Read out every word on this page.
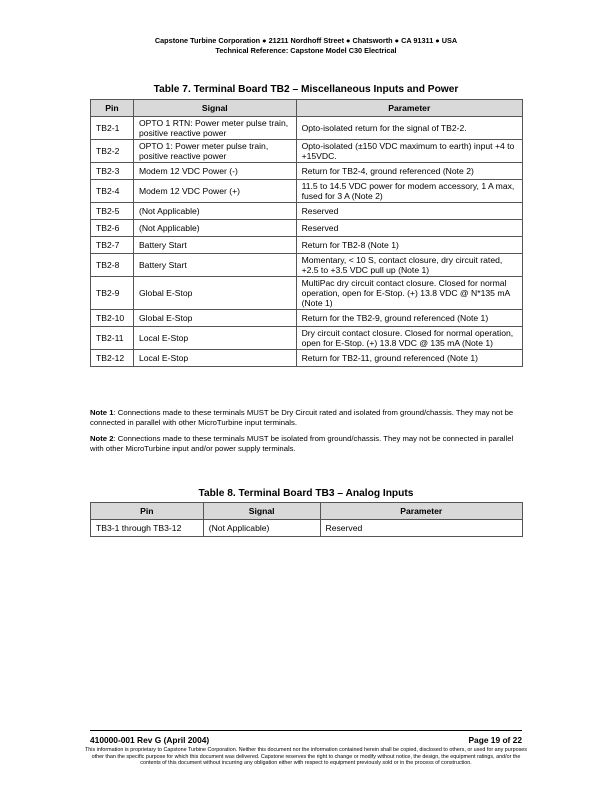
Capstone Turbine Corporation ● 21211 Nordhoff Street ● Chatsworth ● CA 91311 ● USA
Technical Reference: Capstone Model C30 Electrical
Table 7. Terminal Board TB2 – Miscellaneous Inputs and Power
Pin	Signal	Parameter
TB2-1	OPTO 1 RTN: Power meter pulse train, positive reactive power	Opto-isolated return for the signal of TB2-2.
TB2-2	OPTO 1: Power meter pulse train, positive reactive power	Opto-isolated (±150 VDC maximum to earth) input +4 to +15VDC.
TB2-3	Modem 12 VDC Power (-)	Return for TB2-4, ground referenced (Note 2)
TB2-4	Modem 12 VDC Power (+)	11.5 to 14.5 VDC power for modem accessory, 1 A max, fused for 3 A (Note 2)
TB2-5	(Not Applicable)	Reserved
TB2-6	(Not Applicable)	Reserved
TB2-7	Battery Start	Return for TB2-8 (Note 1)
TB2-8	Battery Start	Momentary, < 10 S, contact closure, dry circuit rated, +2.5 to +3.5 VDC pull up (Note 1)
TB2-9	Global E-Stop	MultiPac dry circuit contact closure. Closed for normal operation, open for E-Stop. (+) 13.8 VDC @ N*135 mA (Note 1)
TB2-10	Global E-Stop	Return for the TB2-9, ground referenced (Note 1)
TB2-11	Local E-Stop	Dry circuit contact closure. Closed for normal operation, open for E-Stop. (+) 13.8 VDC @ 135 mA (Note 1)
TB2-12	Local E-Stop	Return for TB2-11, ground referenced (Note 1)
Note 1: Connections made to these terminals MUST be Dry Circuit rated and isolated from ground/chassis. They may not be connected in parallel with other MicroTurbine input terminals.
Note 2: Connections made to these terminals MUST be isolated from ground/chassis. They may not be connected in parallel with other MicroTurbine input and/or power supply terminals.
Table 8. Terminal Board TB3 – Analog Inputs
Pin	Signal	Parameter
TB3-1 through TB3-12	(Not Applicable)	Reserved
410000-001 Rev G (April 2004)	Page 19 of 22
This information is proprietary to Capstone Turbine Corporation. Neither this document nor the information contained herein shall be copied, disclosed to others, or used for any purposes other than the specific purpose for which this document was delivered. Capstone reserves the right to change or modify without notice, the design, the equipment ratings, and/or the contents of this document without incurring any obligation either with respect to equipment previously sold or in the process of construction.
